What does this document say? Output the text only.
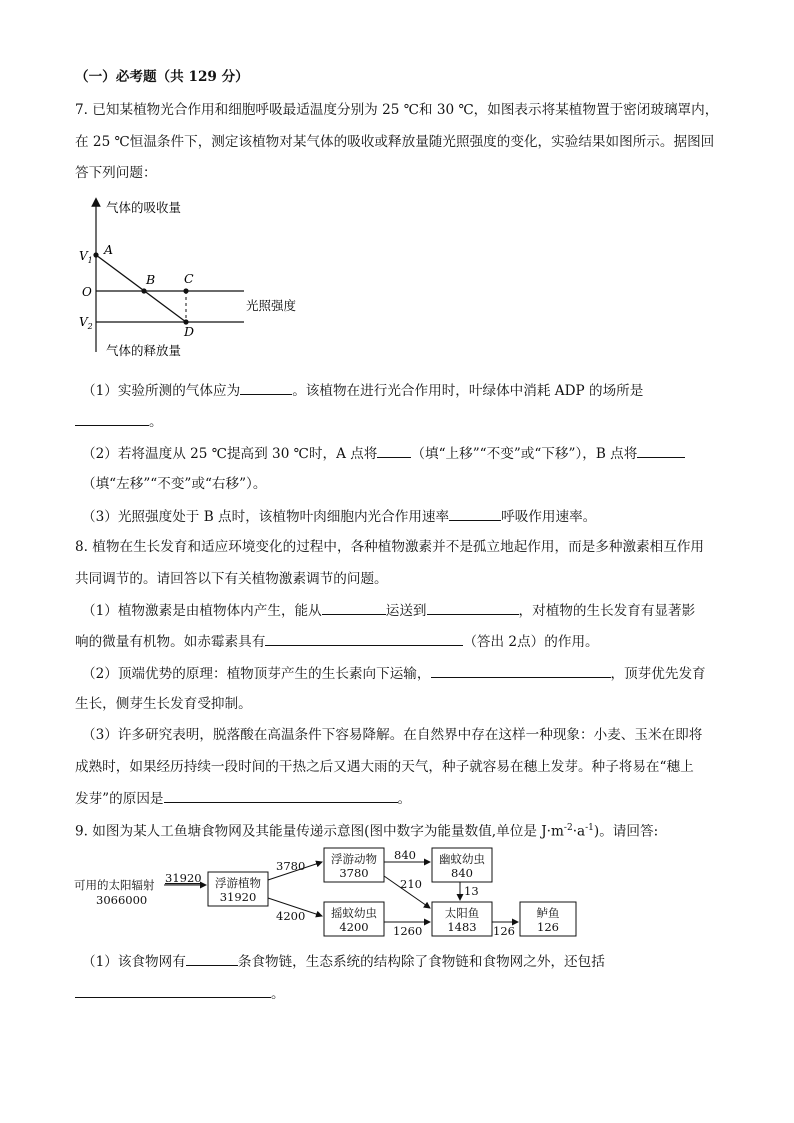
（一）必考题（共 129 分）
7. 已知某植物光合作用和细胞呼吸最适温度分别为 25 ℃和 30 ℃，如图表示将某植物置于密闭玻璃罩内，
在 25 ℃恒温条件下，测定该植物对某气体的吸收或释放量随光照强度的变化，实验结果如图所示。据图回
答下列问题：
气体的吸收量
气体的释放量
光照强度
O
$V_1$
$V_2$
A
B C
D
（1）实验所测的气体应为	。该植物在进行光合作用时，叶绿体中消耗 ADP 的场所是
。
（2）若将温度从 25 ℃提高到 30 ℃时，A 点将	（填“上移”“不变”或“下移”），B 点将
（填“左移”“不变”或“右移”）。
（3）光照强度处于 B 点时，该植物叶肉细胞内光合作用速率	呼吸作用速率。
8. 植物在生长发育和适应环境变化的过程中，各种植物激素并不是孤立地起作用，而是多种激素相互作用
共同调节的。请回答以下有关植物激素调节的问题。
（1）植物激素是由植物体内产生，能从	运送到	，对植物的生长发育有显著影
响的微量有机物。如赤霉素具有	（答出 2点）的作用。
（2）顶端优势的原理：植物顶芽产生的生长素向下运输，	，顶芽优先发育
生长，侧芽生长发育受抑制。
（3）许多研究表明，脱落酸在高温条件下容易降解。在自然界中存在这样一种现象：小麦、玉米在即将
成熟时，如果经历持续一段时间的干热之后又遇大雨的天气，种子就容易在穗上发芽。种子将易在“穗上
发芽”的原因是	。
9. 如图为某人工鱼塘食物网及其能量传递示意图(图中数字为能量数值,单位是 $J\cdot m^{-2}\cdot a^{-1}$)。请回答:
可用的太阳辐射
3066000
31920 浮游植物
31920
3780
4200
浮游动物
3780
摇蚊幼虫
4200
840
210
1260
幽蚊幼虫
840
13
太阳鱼
1483 126
鲈鱼
126
（1）该食物网有	条食物链，生态系统的结构除了食物链和食物网之外，还包括
。
